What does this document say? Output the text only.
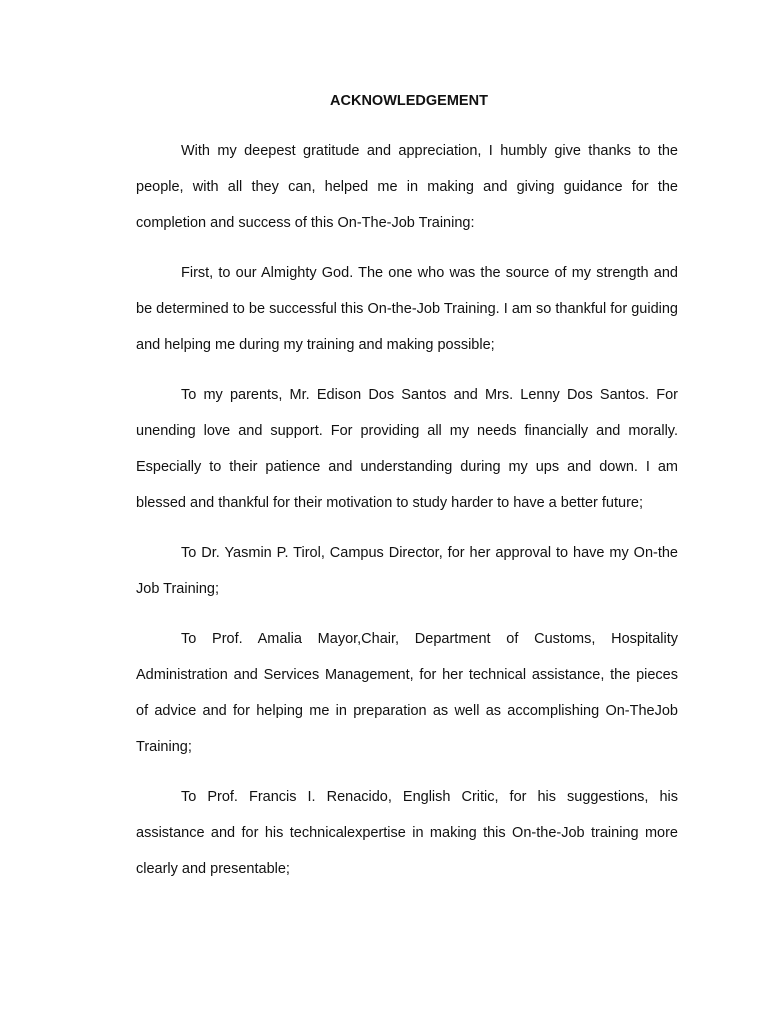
ACKNOWLEDGEMENT

With my deepest gratitude and appreciation, I humbly give thanks to the people, with all they can, helped me in making and giving guidance for the completion and success of this On-The-Job Training:

First, to our Almighty God. The one who was the source of my strength and be determined to be successful this On-the-Job Training. I am so thankful for guiding and helping me during my training and making possible;

To my parents, Mr. Edison Dos Santos and Mrs. Lenny Dos Santos. For unending love and support. For providing all my needs financially and morally. Especially to their patience and understanding during my ups and down. I am blessed and thankful for their motivation to study harder to have a better future;

To Dr. Yasmin P. Tirol, Campus Director, for her approval to have my On-the Job Training;

To Prof. Amalia Mayor,Chair, Department of Customs, Hospitality Administration and Services Management, for her technical assistance, the pieces of advice and for helping me in preparation as well as accomplishing On-TheJob Training;

To Prof. Francis I. Renacido, English Critic, for his suggestions, his assistance and for his technicalexpertise in making this On-the-Job training more clearly and presentable;
